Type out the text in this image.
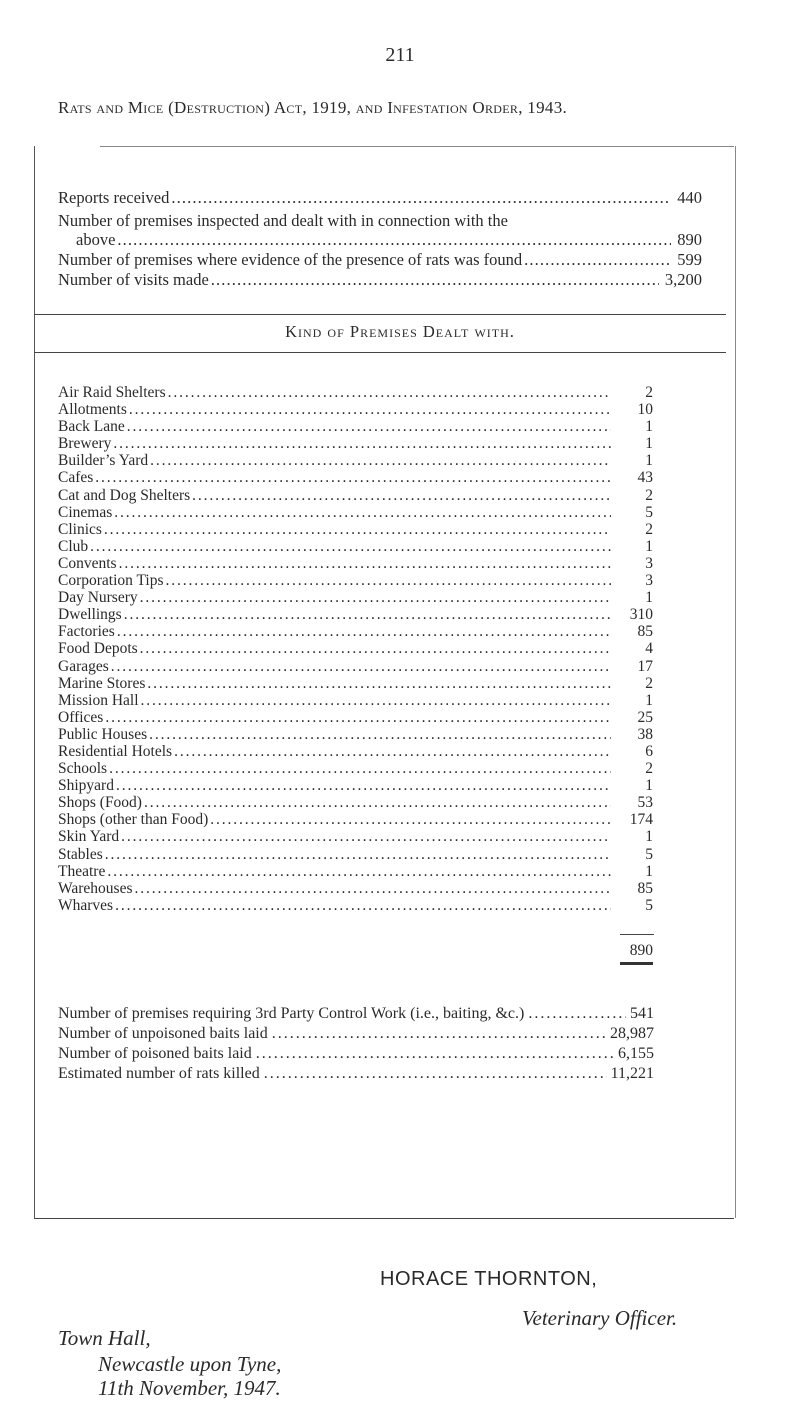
211
Rats and Mice (Destruction) Act, 1919, and Infestation Order, 1943.
Reports received . . .	440
Number of premises inspected and dealt with in connection with the
above . . .	890
Number of premises where evidence of the presence of rats was found . . .	599
Number of visits made . . .	3,200
Kind of Premises Dealt with.
Air Raid Shelters . . .	2
Allotments . . .	10
Back Lane . . .	1
Brewery . . .	1
Builder’s Yard . . .	1
Cafes . . .	43
Cat and Dog Shelters . . .	2
Cinemas . . .	5
Clinics . . .	2
Club . . .	1
Convents . . .	3
Corporation Tips . . .	3
Day Nursery . . .	1
Dwellings . . .	310
Factories . . .	85
Food Depots . . .	4
Garages . . .	17
Marine Stores . . .	2
Mission Hall . . .	1
Offices . . .	25
Public Houses . . .	38
Residential Hotels . . .	6
Schools . . .	2
Shipyard . . .	1
Shops (Food) . . .	53
Shops (other than Food) . . .	174
Skin Yard . . .	1
Stables . . .	5
Theatre . . .	1
Warehouses . . .	85
Wharves . . .	5
890
Number of premises requiring 3rd Party Control Work (i.e., baiting, &c.) . . .	541
Number of unpoisoned baits laid . . .	28,987
Number of poisoned baits laid . . .	6,155
Estimated number of rats killed . . .	11,221
HORACE THORNTON,
Veterinary Officer.
Town Hall,
Newcastle upon Tyne,
11th November, 1947.
